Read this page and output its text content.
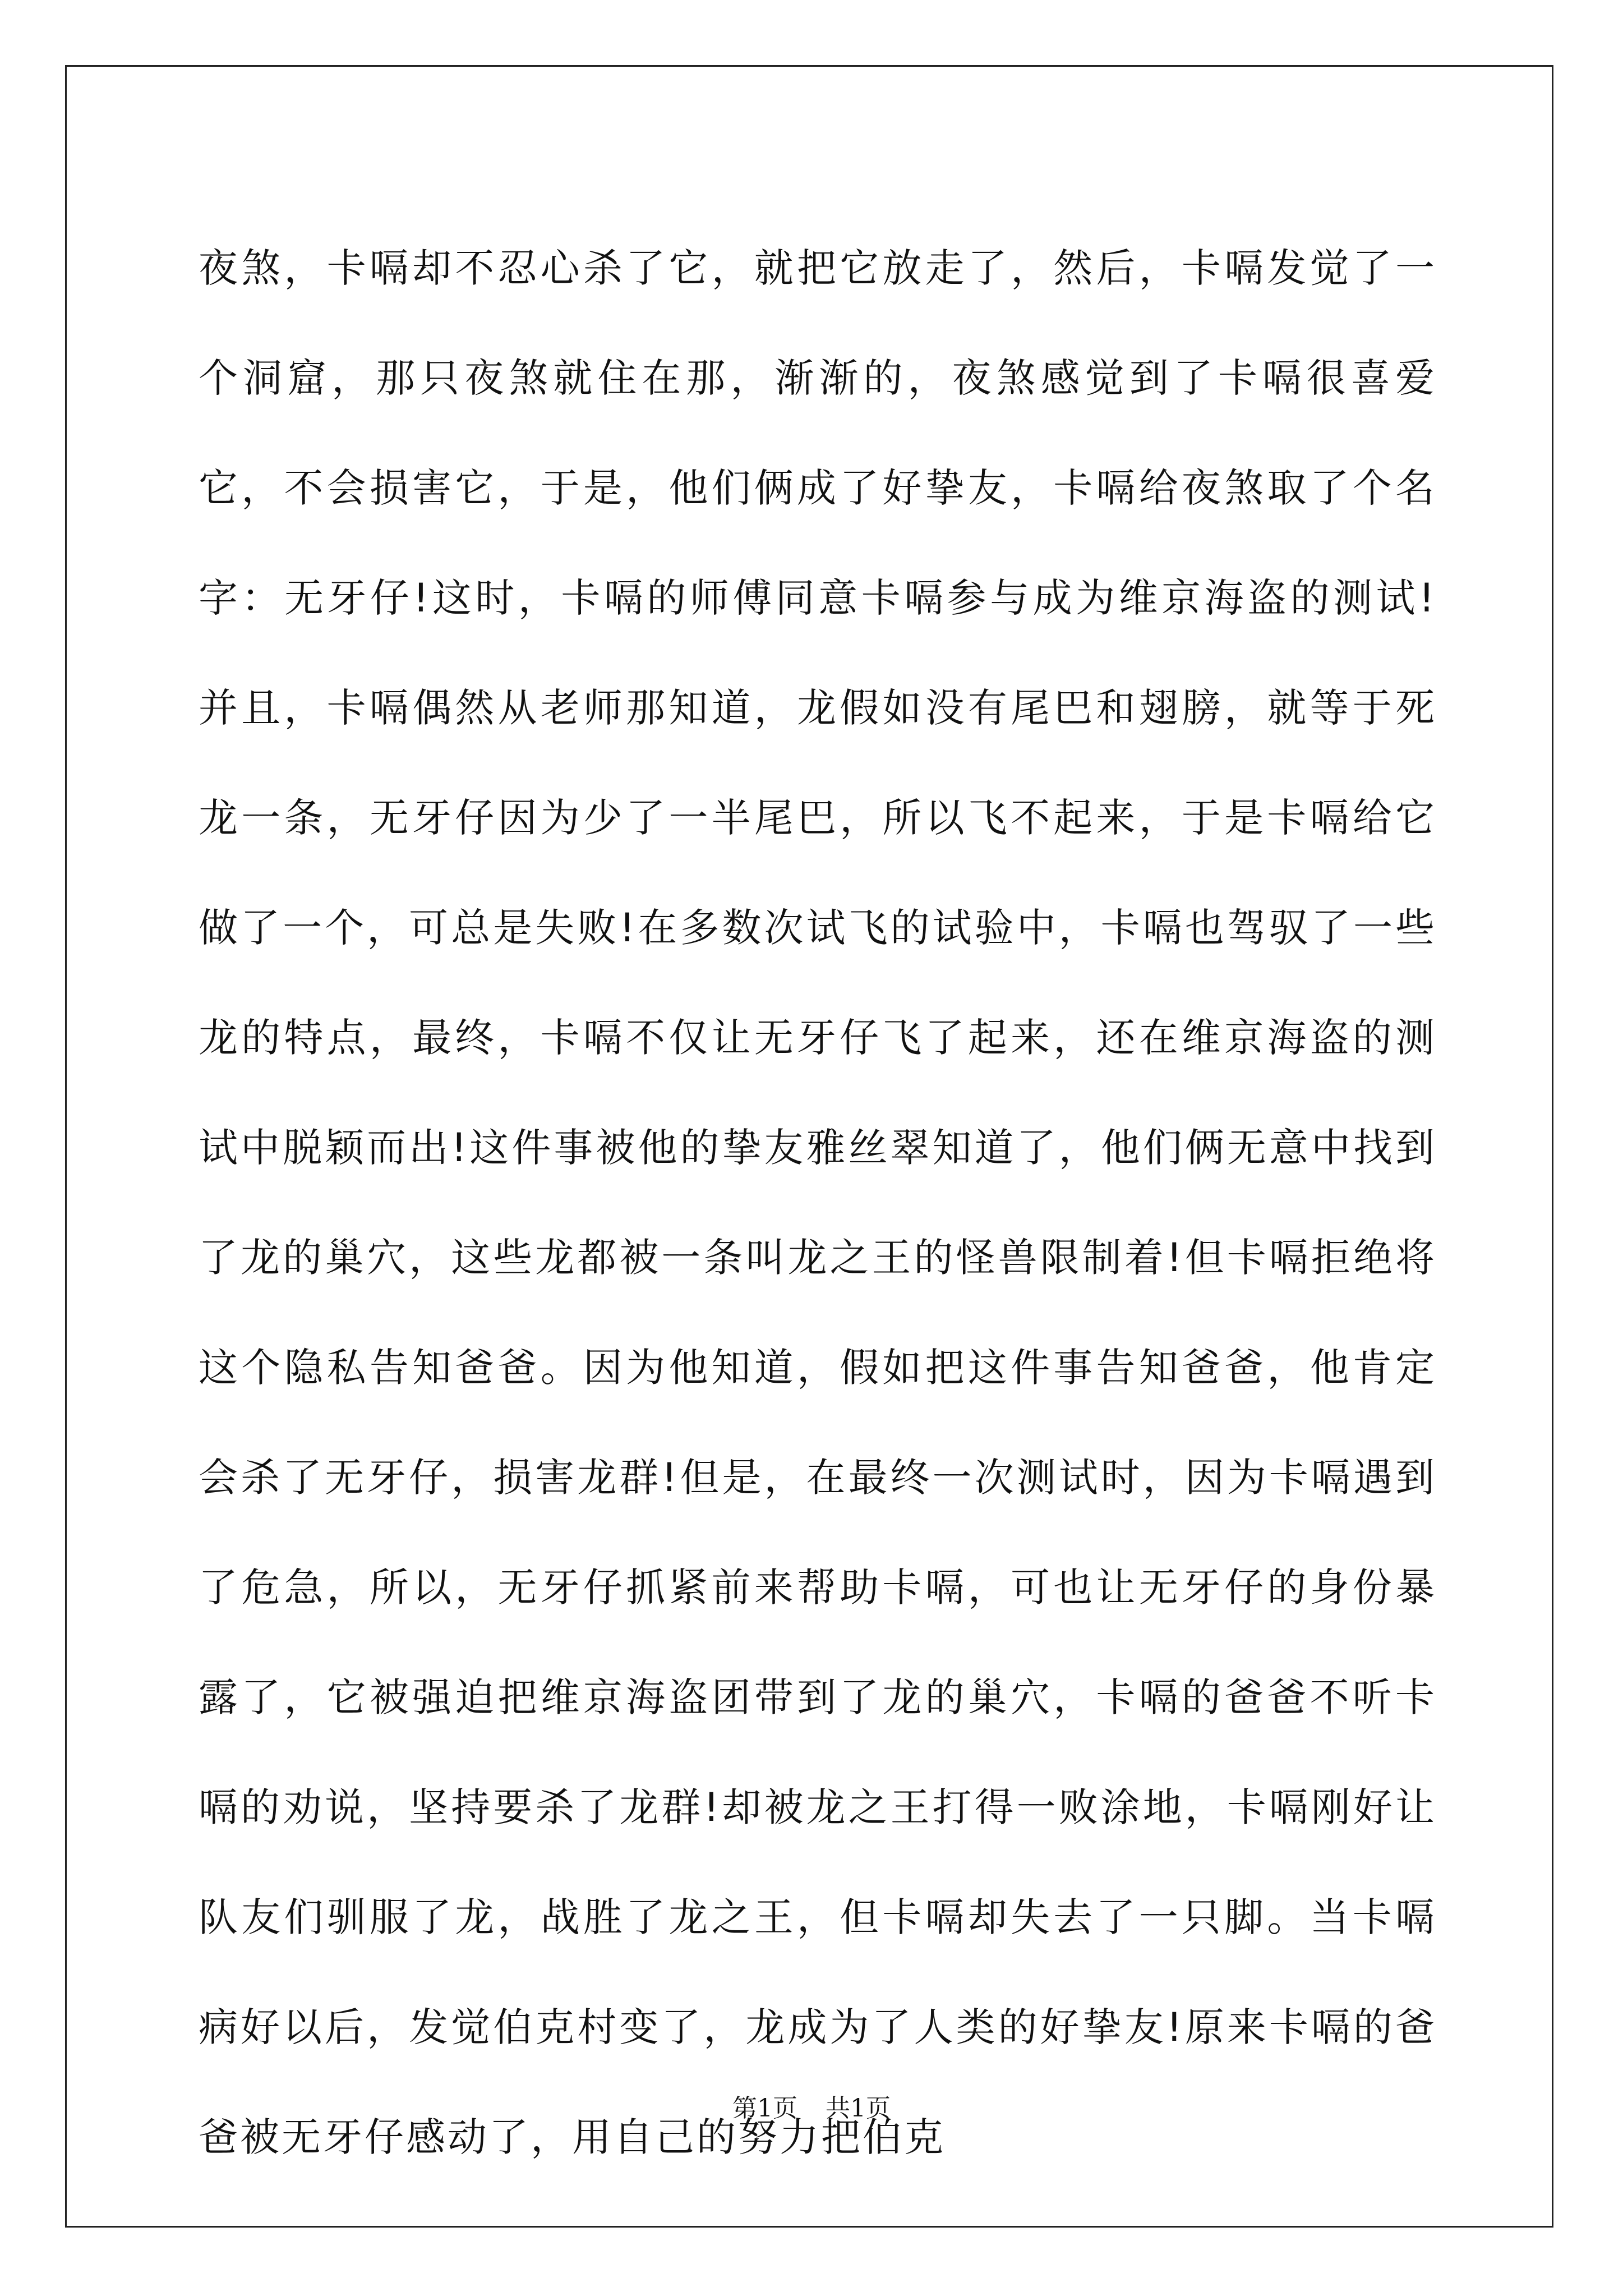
夜煞，卡嗝却不忍心杀了它，就把它放走了，然后，卡嗝发觉了一个洞窟，那只夜煞就住在那，渐渐的，夜煞感觉到了卡嗝很喜爱它，不会损害它，于是，他们俩成了好挚友，卡嗝给夜煞取了个名字：无牙仔!这时，卡嗝的师傅同意卡嗝参与成为维京海盗的测试!并且，卡嗝偶然从老师那知道，龙假如没有尾巴和翅膀，就等于死龙一条，无牙仔因为少了一半尾巴，所以飞不起来，于是卡嗝给它做了一个，可总是失败!在多数次试飞的试验中，卡嗝也驾驭了一些龙的特点，最终，卡嗝不仅让无牙仔飞了起来，还在维京海盗的测试中脱颖而出!这件事被他的挚友雅丝翠知道了，他们俩无意中找到了龙的巢穴，这些龙都被一条叫龙之王的怪兽限制着!但卡嗝拒绝将这个隐私告知爸爸。因为他知道，假如把这件事告知爸爸，他肯定会杀了无牙仔，损害龙群!但是，在最终一次测试时，因为卡嗝遇到了危急，所以，无牙仔抓紧前来帮助卡嗝，可也让无牙仔的身份暴露了，它被强迫把维京海盗团带到了龙的巢穴，卡嗝的爸爸不听卡嗝的劝说，坚持要杀了龙群!却被龙之王打得一败涂地，卡嗝刚好让队友们驯服了龙，战胜了龙之王，但卡嗝却失去了一只脚。当卡嗝病好以后，发觉伯克村变了，龙成为了人类的好挚友!原来卡嗝的爸爸被无牙仔感动了，用自己的努力把伯克

第1页 共1页
